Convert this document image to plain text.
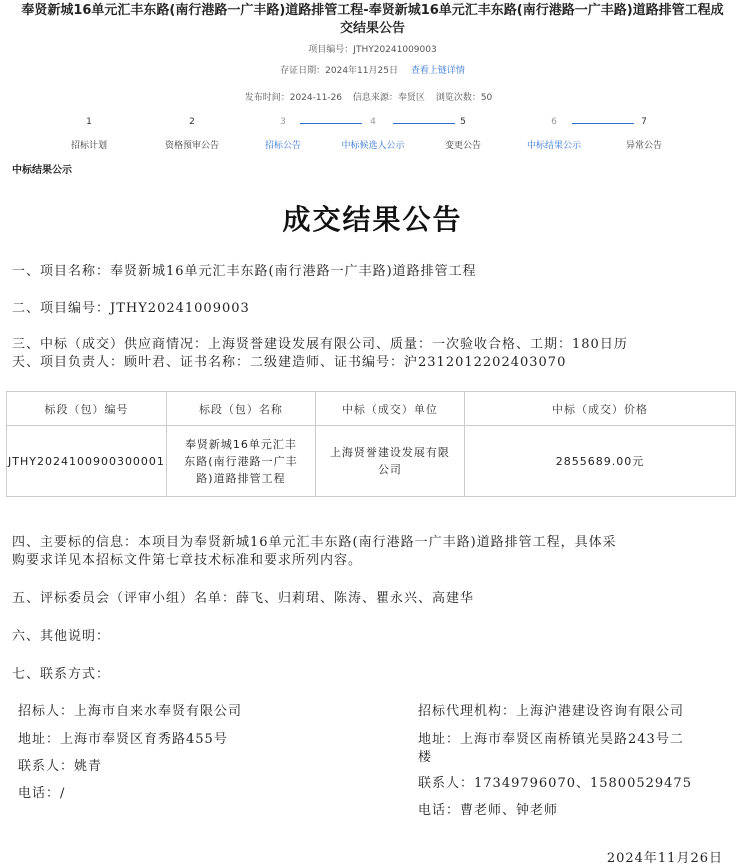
奉贤新城16单元汇丰东路(南行港路一广丰路)道路排管工程-奉贤新城16单元汇丰东路(南行港路一广丰路)道路排管工程成交结果公告
项目编号：JTHY20241009003
存证日期：2024年11月25日 查看上链详情
发布时间：2024-11-26 信息来源：奉贤区 浏览次数：50
1
招标计划
2
资格预审公告
3
招标公告
4
中标候选人公示
5
变更公告
6
中标结果公示
7
异常公告
中标结果公示
成交结果公告
一、项目名称：奉贤新城16单元汇丰东路(南行港路一广丰路)道路排管工程
二、项目编号：JTHY20241009003
三、中标（成交）供应商情况：上海贤誉建设发展有限公司、质量：一次验收合格、工期：180日历
天、项目负责人：顾叶君、证书名称：二级建造师、证书编号：沪231201220240307​0
标段（包）编号	标段（包）名称	中标（成交）单位	中标（成交）价格
JTHY2024100900300001	奉贤新城16单元汇丰东路(南行港路一广丰路)道路排管工程	上海贤誉建设发展有限公司	2855689.00元
四、主要标的信息：本项目为奉贤新城16单元汇丰东路(南行港路一广丰路)道路排管工程，具体采
购要求详见本招标文件第七章技术标准和要求所列内容。
五、评标委员会（评审小组）名单：薛飞、归莉珺、陈涛、瞿永兴、高建华
六、其他说明：
七、联系方式：
招标人：上海市自来水奉贤有限公司
地址：上海市奉贤区育秀路455号
联系人：姚青
电话：/
招标代理机构：上海沪港建设咨询有限公司
地址：上海市奉贤区南桥镇光昊路243号二
楼
联系人：17349796070、15800529475
电话：曹老师、钟老师
2024年11月26日
